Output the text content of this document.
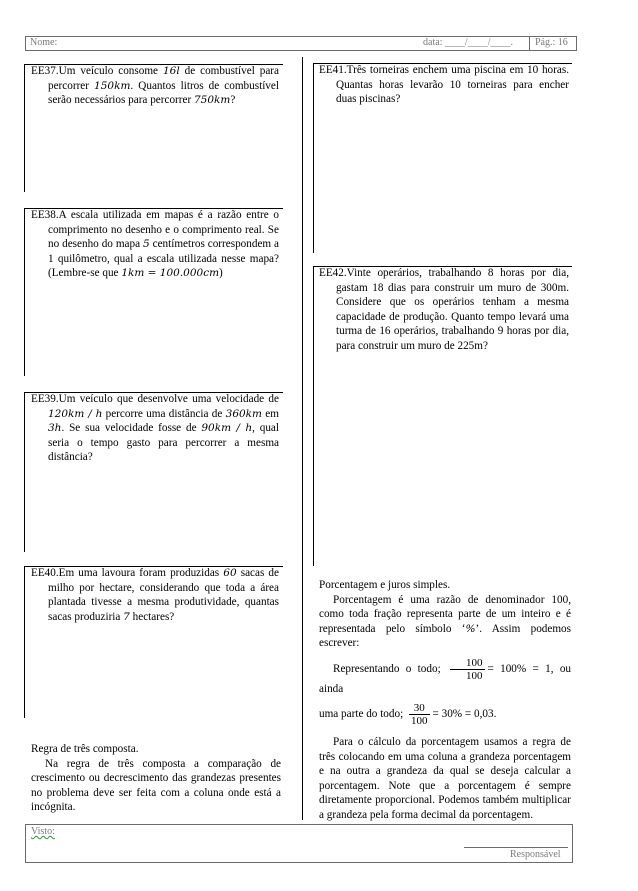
Nome:	data: ____/____/____. Pág.: 16
EE37.Um veículo consome 16l de combustível para percorrer 150km. Quantos litros de combustível serão necessários para percorrer 750km?
EE38.A escala utilizada em mapas é a razão entre o comprimento no desenho e o comprimento real. Se no desenho do mapa 5 centímetros correspondem a 1 quilômetro, qual a escala utilizada nesse mapa? (Lembre-se que 1km = 100.000cm)
EE39.Um veículo que desenvolve uma velocidade de 120km / h percorre uma distância de 360km em 3h. Se sua velocidade fosse de 90km / h, qual seria o tempo gasto para percorrer a mesma distância?
EE40.Em uma lavoura foram produzidas 60 sacas de milho por hectare, considerando que toda a área plantada tivesse a mesma produtividade, quantas sacas produziria 7 hectares?
EE41.Três torneiras enchem uma piscina em 10 horas. Quantas horas levarão 10 torneiras para encher duas piscinas?
EE42.Vinte operários, trabalhando 8 horas por dia, gastam 18 dias para construir um muro de 300m. Considere que os operários tenham a mesma capacidade de produção. Quanto tempo levará uma turma de 16 operários, trabalhando 9 horas por dia, para construir um muro de 225m?
Regra de três composta.
Na regra de três composta a comparação de crescimento ou decrescimento das grandezas presentes no problema deve ser feita com a coluna onde está a incógnita.
Porcentagem e juros simples.

Porcentagem é uma razão de denominador 100, como toda fração representa parte de um inteiro e é representada pelo símbolo ‘%’. Assim podemos escrever:

Representando o todo; $\frac{100}{100} = 100\% = 1$, ou ainda

uma parte do todo; $\frac{30}{100} = 30\% = 0,03$.

Para o cálculo da porcentagem usamos a regra de três colocando em uma coluna a grandeza porcentagem e na outra a grandeza da qual se deseja calcular a porcentagem. Note que a porcentagem é sempre diretamente proporcional. Podemos também multiplicar a grandeza pela forma decimal da porcentagem.

Visto:
Responsável
